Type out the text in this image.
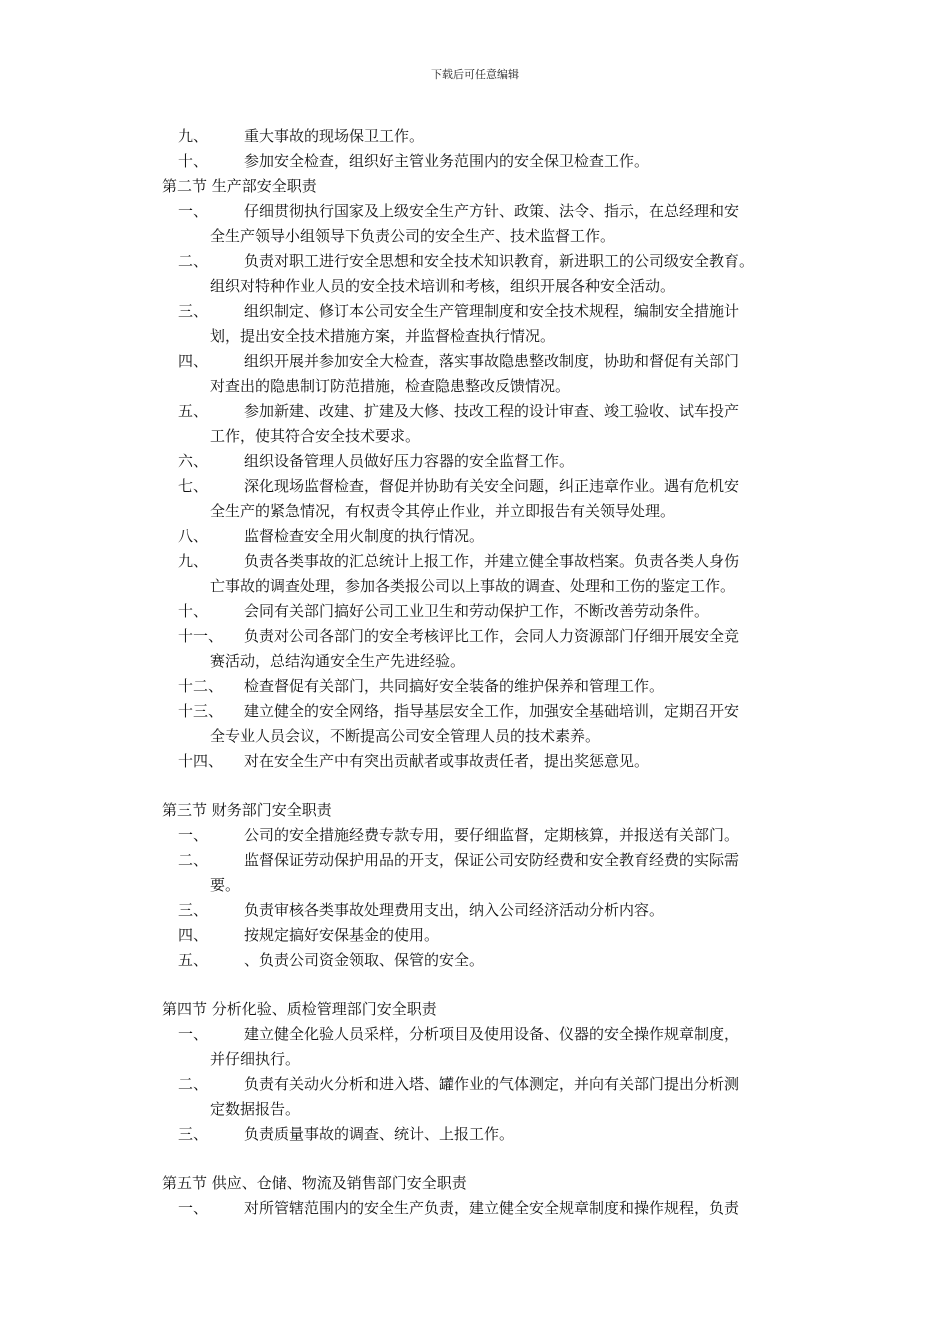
下载后可任意编辑
九、 重大事故的现场保卫工作。
十、 参加安全检查，组织好主管业务范围内的安全保卫检查工作。
第二节 生产部安全职责
一、 仔细贯彻执行国家及上级安全生产方针、政策、法令、指示，在总经理和安
全生产领导小组领导下负责公司的安全生产、技术监督工作。
二、 负责对职工进行安全思想和安全技术知识教育，新进职工的公司级安全教育。
组织对特种作业人员的安全技术培训和考核，组织开展各种安全活动。
三、 组织制定、修订本公司安全生产管理制度和安全技术规程，编制安全措施计
划，提出安全技术措施方案，并监督检查执行情况。
四、 组织开展并参加安全大检查，落实事故隐患整改制度，协助和督促有关部门
对查出的隐患制订防范措施，检查隐患整改反馈情况。
五、 参加新建、改建、扩建及大修、技改工程的设计审查、竣工验收、试车投产
工作，使其符合安全技术要求。
六、 组织设备管理人员做好压力容器的安全监督工作。
七、 深化现场监督检查，督促并协助有关安全问题，纠正违章作业。遇有危机安
全生产的紧急情况，有权责令其停止作业，并立即报告有关领导处理。
八、 监督检查安全用火制度的执行情况。
九、 负责各类事故的汇总统计上报工作，并建立健全事故档案。负责各类人身伤
亡事故的调查处理，参加各类报公司以上事故的调查、处理和工伤的鉴定工作。
十、 会同有关部门搞好公司工业卫生和劳动保护工作，不断改善劳动条件。
十一、 负责对公司各部门的安全考核评比工作，会同人力资源部门仔细开展安全竞
赛活动，总结沟通安全生产先进经验。
十二、 检查督促有关部门，共同搞好安全装备的维护保养和管理工作。
十三、 建立健全的安全网络，指导基层安全工作，加强安全基础培训，定期召开安
全专业人员会议，不断提高公司安全管理人员的技术素养。
十四、 对在安全生产中有突出贡献者或事故责任者，提出奖惩意见。
第三节 财务部门安全职责
一、 公司的安全措施经费专款专用，要仔细监督，定期核算，并报送有关部门。
二、 监督保证劳动保护用品的开支，保证公司安防经费和安全教育经费的实际需
要。
三、 负责审核各类事故处理费用支出，纳入公司经济活动分析内容。
四、 按规定搞好安保基金的使用。
五、 、负责公司资金领取、保管的安全。
第四节 分析化验、质检管理部门安全职责
一、 建立健全化验人员采样，分析项目及使用设备、仪器的安全操作规章制度，
并仔细执行。
二、 负责有关动火分析和进入塔、罐作业的气体测定，并向有关部门提出分析测
定数据报告。
三、 负责质量事故的调查、统计、上报工作。
第五节 供应、仓储、物流及销售部门安全职责
一、 对所管辖范围内的安全生产负责，建立健全安全规章制度和操作规程，负责
